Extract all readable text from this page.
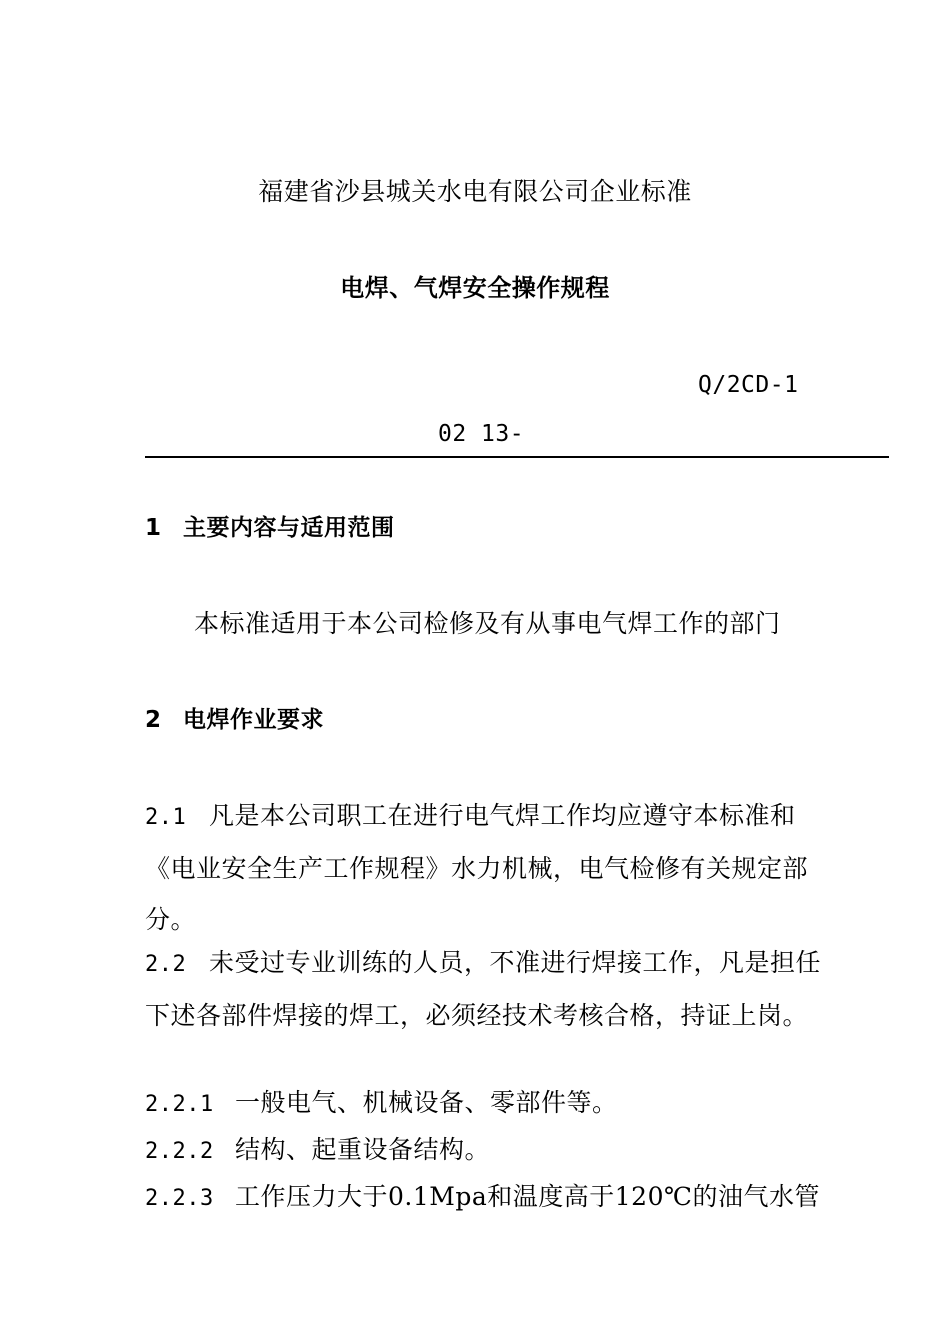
福建省沙县城关水电有限公司企业标准
电焊、气焊安全操作规程
Q/2CD-1
02 13-
1 主要内容与适用范围
本标准适用于本公司检修及有从事电气焊工作的部门
2 电焊作业要求
2.1 凡是本公司职工在进行电气焊工作均应遵守本标准和《电业安全生产工作规程》水力机械，电气检修有关规定部分。
2.2 未受过专业训练的人员，不准进行焊接工作，凡是担任下述各部件焊接的焊工，必须经技术考核合格，持证上岗。
2.2.1 一般电气、机械设备、零部件等。
2.2.2 结构、起重设备结构。
2.2.3 工作压力大于0.1Mpa和温度高于120℃的油气水管
